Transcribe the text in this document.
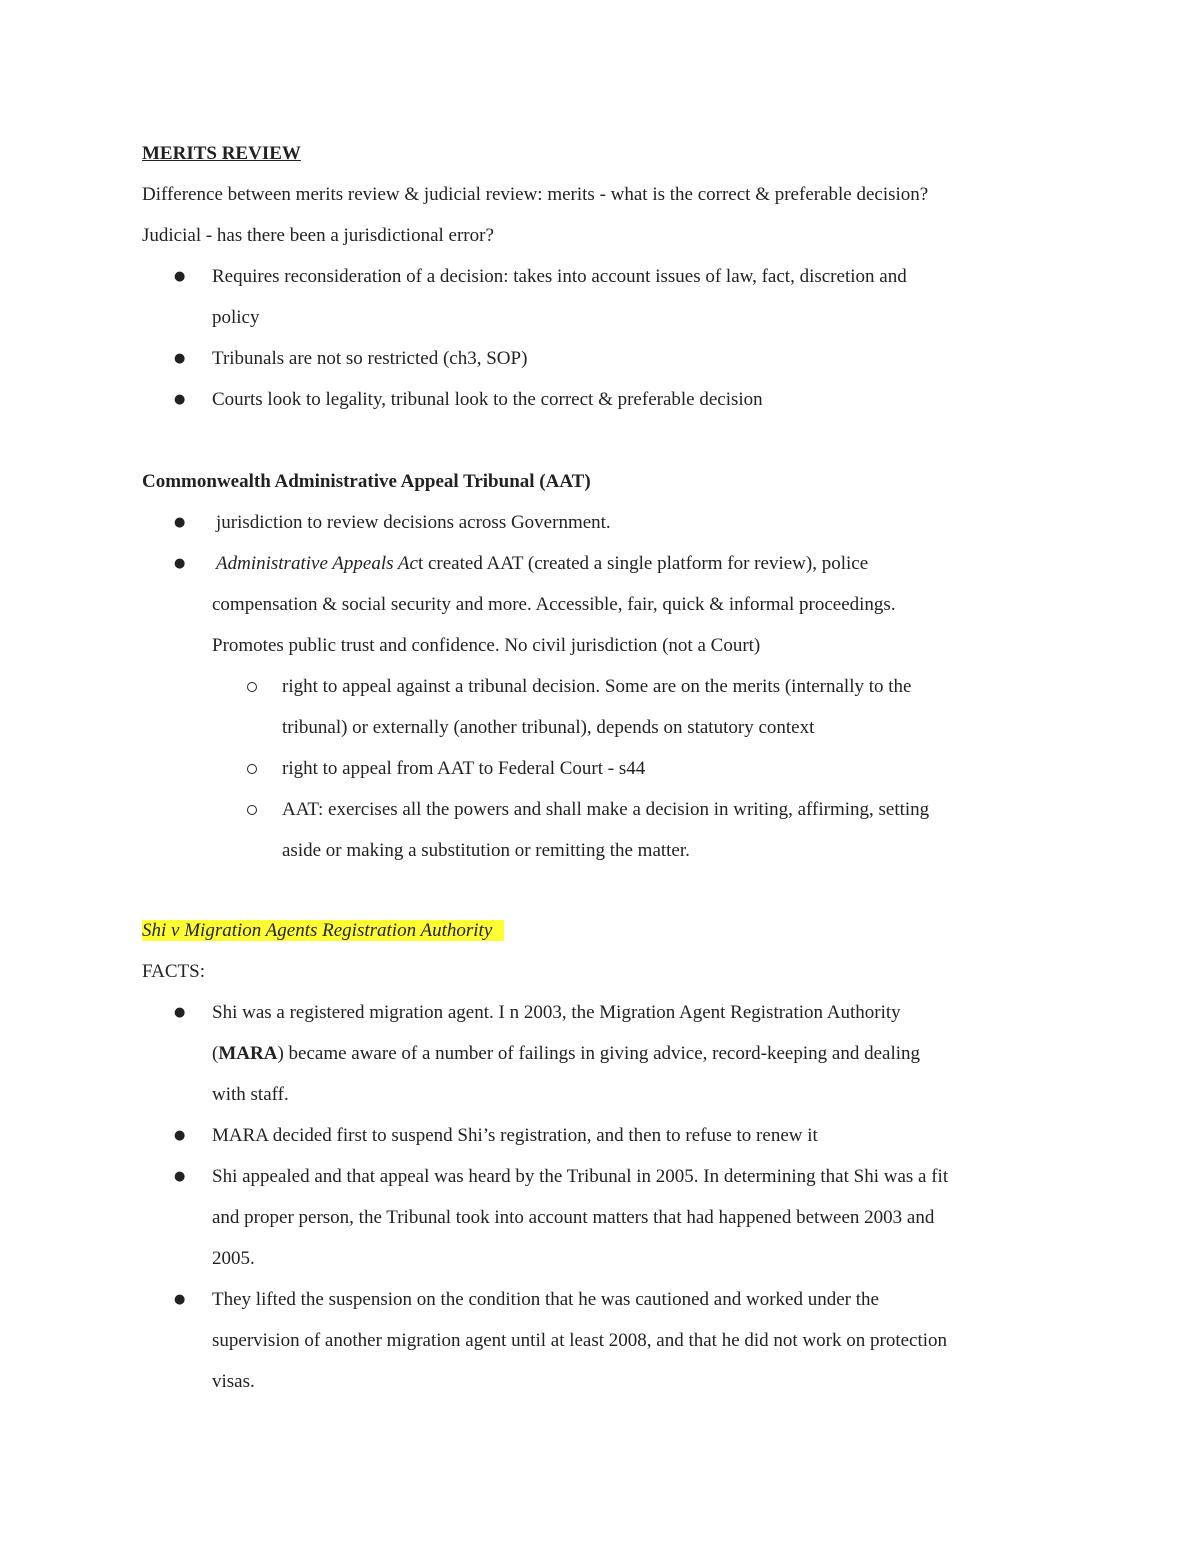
MERITS REVIEW
Difference between merits review & judicial review: merits - what is the correct & preferable decision?
Judicial - has there been a jurisdictional error?
● Requires reconsideration of a decision: takes into account issues of law, fact, discretion and
policy
● Tribunals are not so restricted (ch3, SOP)
● Courts look to legality, tribunal look to the correct & preferable decision
Commonwealth Administrative Appeal Tribunal (AAT)
● jurisdiction to review decisions across Government.
● Administrative Appeals Act created AAT (created a single platform for review), police
compensation & social security and more. Accessible, fair, quick & informal proceedings.
Promotes public trust and confidence. No civil jurisdiction (not a Court)
right to appeal against a tribunal decision. Some are on the merits (internally to the
tribunal) or externally (another tribunal), depends on statutory context
right to appeal from AAT to Federal Court - s44
AAT: exercises all the powers and shall make a decision in writing, affirming, setting
aside or making a substitution or remitting the matter.
Shi v Migration Agents Registration Authority
FACTS:
● Shi was a registered migration agent. I n 2003, the Migration Agent Registration Authority
(MARA) became aware of a number of failings in giving advice, record-keeping and dealing
with staff.
● MARA decided first to suspend Shi’s registration, and then to refuse to renew it
● Shi appealed and that appeal was heard by the Tribunal in 2005. In determining that Shi was a fit
and proper person, the Tribunal took into account matters that had happened between 2003 and
2005.
● They lifted the suspension on the condition that he was cautioned and worked under the
supervision of another migration agent until at least 2008, and that he did not work on protection
visas.
